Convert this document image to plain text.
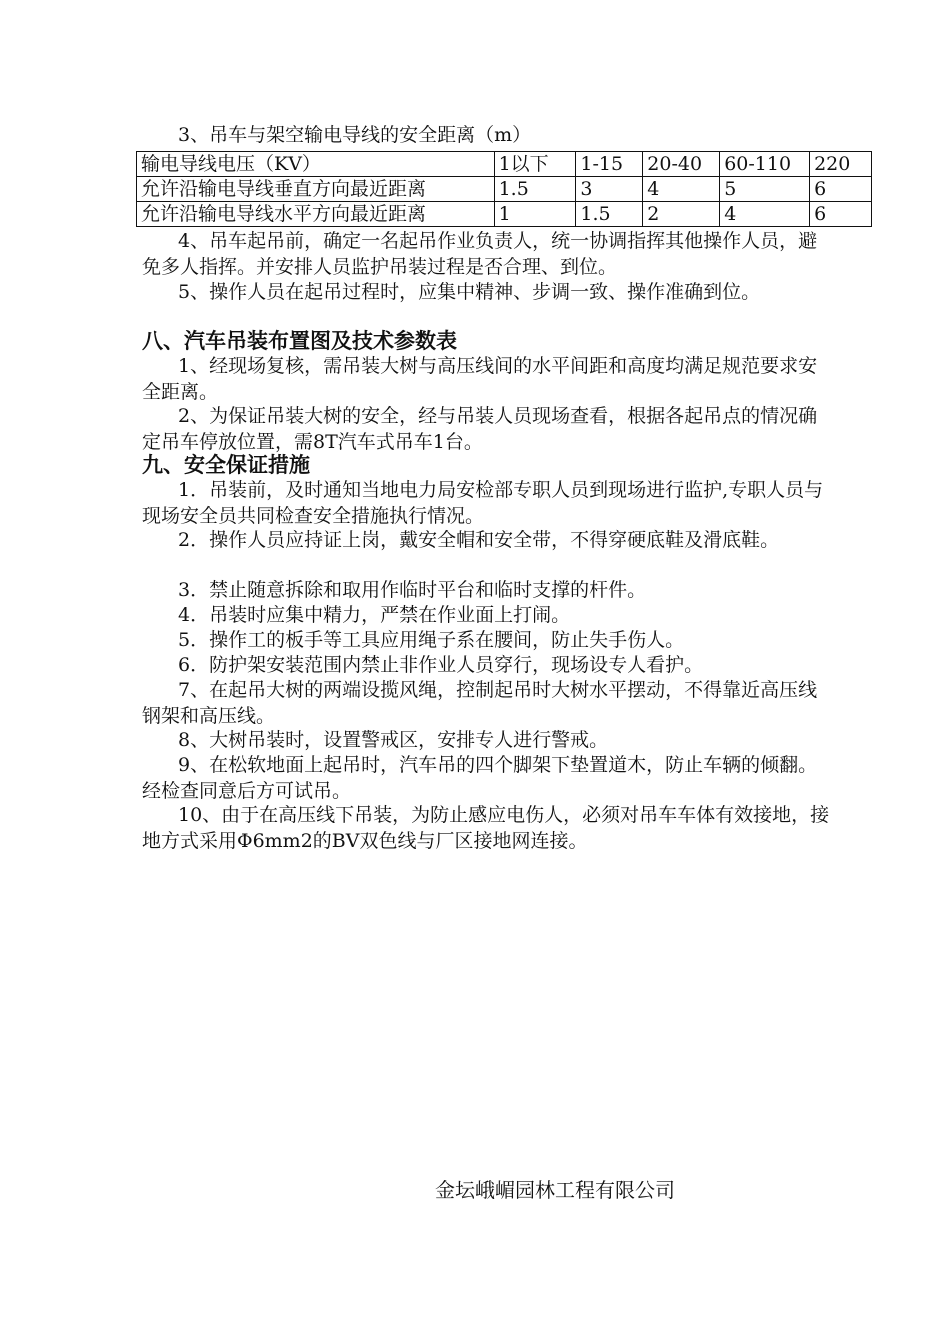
3、吊车与架空输电导线的安全距离（m）

输电导线电压（KV）	1以下	1-15	20-40	60-110	220
允许沿输电导线垂直方向最近距离	1.5	3	4	5	6
允许沿输电导线水平方向最近距离	1	1.5	2	4	6

4、吊车起吊前，确定一名起吊作业负责人，统一协调指挥其他操作人员，避免多人指挥。并安排人员监护吊装过程是否合理、到位。

5、操作人员在起吊过程时，应集中精神、步调一致、操作准确到位。

八、汽车吊装布置图及技术参数表

1、经现场复核，需吊装大树与高压线间的水平间距和高度均满足规范要求安全距离。

2、为保证吊装大树的安全，经与吊装人员现场查看，根据各起吊点的情况确定吊车停放位置，需8T汽车式吊车1台。

九、安全保证措施

1．吊装前，及时通知当地电力局安检部专职人员到现场进行监护,专职人员与现场安全员共同检查安全措施执行情况。

2．操作人员应持证上岗，戴安全帽和安全带，不得穿硬底鞋及滑底鞋。

3．禁止随意拆除和取用作临时平台和临时支撑的杆件。

4．吊装时应集中精力，严禁在作业面上打闹。

5．操作工的板手等工具应用绳子系在腰间，防止失手伤人。

6．防护架安装范围内禁止非作业人员穿行，现场设专人看护。

7、在起吊大树的两端设揽风绳，控制起吊时大树水平摆动，不得靠近高压线钢架和高压线。

8、大树吊装时，设置警戒区，安排专人进行警戒。

9、在松软地面上起吊时，汽车吊的四个脚架下垫置道木，防止车辆的倾翻。经检查同意后方可试吊。

10、由于在高压线下吊装，为防止感应电伤人，必须对吊车车体有效接地，接地方式采用Φ6mm2的BV双色线与厂区接地网连接。

金坛峨嵋园林工程有限公司
